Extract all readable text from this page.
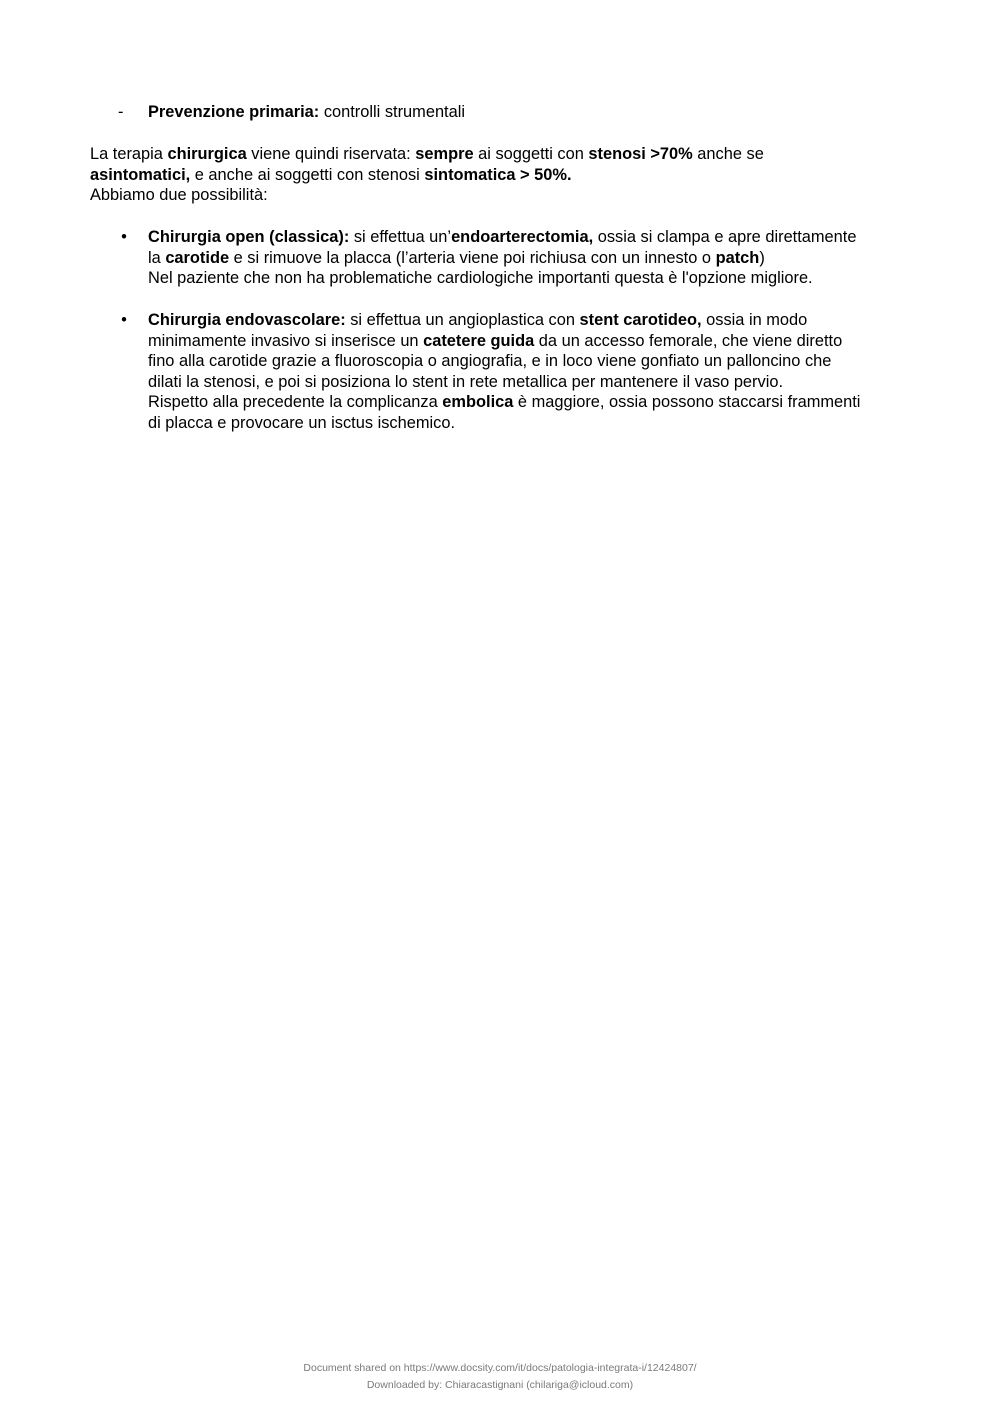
- Prevenzione primaria: controlli strumentali
La terapia chirurgica viene quindi riservata: sempre ai soggetti con stenosi >70% anche se
asintomatici, e anche ai soggetti con stenosi sintomatica > 50%.
Abbiamo due possibilità:
• Chirurgia open (classica): si effettua un’endoarterectomia, ossia si clampa e apre direttamente
la carotide e si rimuove la placca (l’arteria viene poi richiusa con un innesto o patch)
Nel paziente che non ha problematiche cardiologiche importanti questa è l'opzione migliore.
• Chirurgia endovascolare: si effettua un angioplastica con stent carotideo, ossia in modo
minimamente invasivo si inserisce un catetere guida da un accesso femorale, che viene diretto
fino alla carotide grazie a fluoroscopia o angiografia, e in loco viene gonfiato un palloncino che
dilati la stenosi, e poi si posiziona lo stent in rete metallica per mantenere il vaso pervio.
Rispetto alla precedente la complicanza embolica è maggiore, ossia possono staccarsi frammenti
di placca e provocare un isctus ischemico.
Document shared on https://www.docsity.com/it/docs/patologia-integrata-i/12424807/
Downloaded by: Chiaracastignani (chilariga@icloud.com)
